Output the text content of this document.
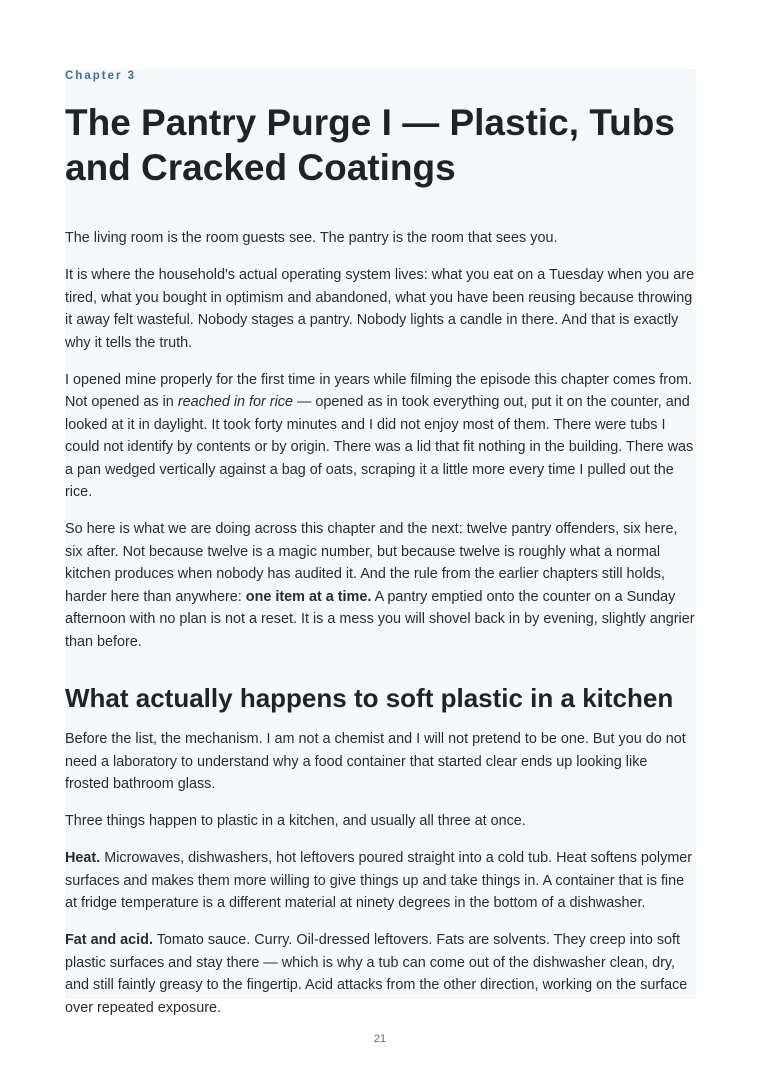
Chapter 3
The Pantry Purge I — Plastic, Tubs and Cracked Coatings

The living room is the room guests see. The pantry is the room that sees you.

It is where the household's actual operating system lives: what you eat on a Tuesday when you are tired, what you bought in optimism and abandoned, what you have been reusing because throwing it away felt wasteful. Nobody stages a pantry. Nobody lights a candle in there. And that is exactly why it tells the truth.

I opened mine properly for the first time in years while filming the episode this chapter comes from. Not opened as in reached in for rice — opened as in took everything out, put it on the counter, and looked at it in daylight. It took forty minutes and I did not enjoy most of them. There were tubs I could not identify by contents or by origin. There was a lid that fit nothing in the building. There was a pan wedged vertically against a bag of oats, scraping it a little more every time I pulled out the rice.

So here is what we are doing across this chapter and the next: twelve pantry offenders, six here, six after. Not because twelve is a magic number, but because twelve is roughly what a normal kitchen produces when nobody has audited it. And the rule from the earlier chapters still holds, harder here than anywhere: one item at a time. A pantry emptied onto the counter on a Sunday afternoon with no plan is not a reset. It is a mess you will shovel back in by evening, slightly angrier than before.

What actually happens to soft plastic in a kitchen

Before the list, the mechanism. I am not a chemist and I will not pretend to be one. But you do not need a laboratory to understand why a food container that started clear ends up looking like frosted bathroom glass.

Three things happen to plastic in a kitchen, and usually all three at once.

Heat. Microwaves, dishwashers, hot leftovers poured straight into a cold tub. Heat softens polymer surfaces and makes them more willing to give things up and take things in. A container that is fine at fridge temperature is a different material at ninety degrees in the bottom of a dishwasher.

Fat and acid. Tomato sauce. Curry. Oil-dressed leftovers. Fats are solvents. They creep into soft plastic surfaces and stay there — which is why a tub can come out of the dishwasher clean, dry, and still faintly greasy to the fingertip. Acid attacks from the other direction, working on the surface over repeated exposure.

21
